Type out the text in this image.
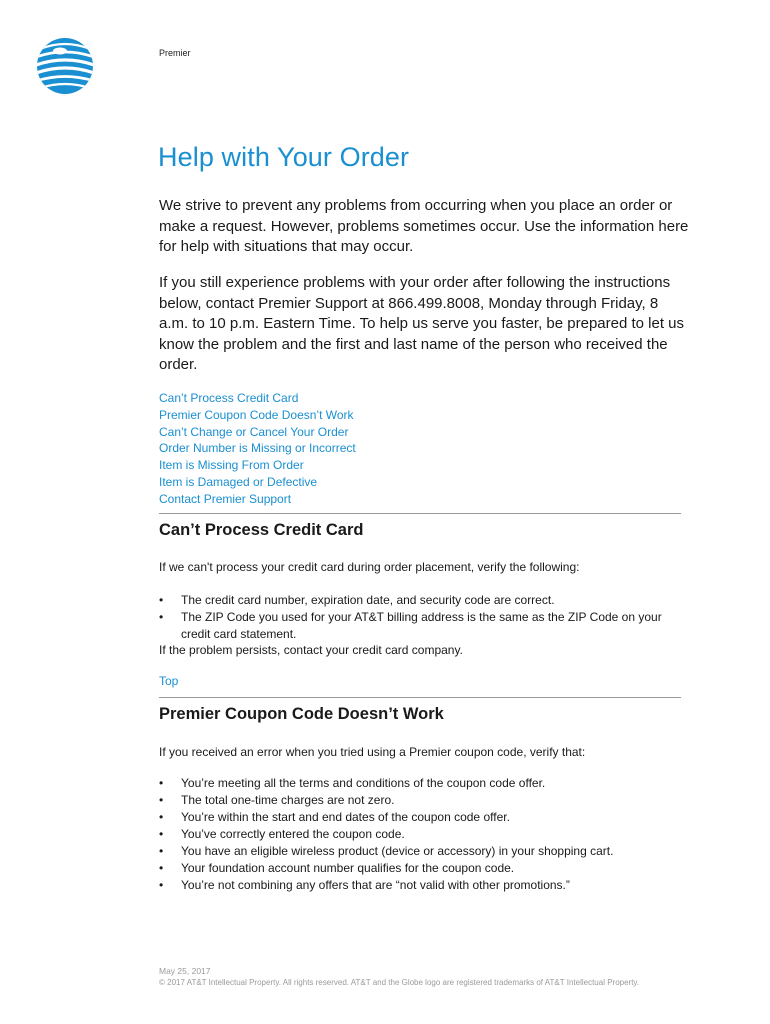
Premier
Help with Your Order

We strive to prevent any problems from occurring when you place an order or make a request. However, problems sometimes occur. Use the information here for help with situations that may occur.

If you still experience problems with your order after following the instructions below, contact Premier Support at 866.499.8008, Monday through Friday, 8 a.m. to 10 p.m. Eastern Time. To help us serve you faster, be prepared to let us know the problem and the first and last name of the person who received the order.

Can’t Process Credit Card
Premier Coupon Code Doesn’t Work
Can’t Change or Cancel Your Order
Order Number is Missing or Incorrect
Item is Missing From Order
Item is Damaged or Defective
Contact Premier Support
Can’t Process Credit Card

If we can't process your credit card during order placement, verify the following:

• The credit card number, expiration date, and security code are correct.
• The ZIP Code you used for your AT&T billing address is the same as the ZIP Code on your credit card statement.

If the problem persists, contact your credit card company.

Top
Premier Coupon Code Doesn’t Work

If you received an error when you tried using a Premier coupon code, verify that:

• You’re meeting all the terms and conditions of the coupon code offer.
• The total one-time charges are not zero.
• You’re within the start and end dates of the coupon code offer.
• You’ve correctly entered the coupon code.
• You have an eligible wireless product (device or accessory) in your shopping cart.
• Your foundation account number qualifies for the coupon code.
• You’re not combining any offers that are “not valid with other promotions.”
May 25, 2017
© 2017 AT&T Intellectual Property. All rights reserved. AT&T and the Globe logo are registered trademarks of AT&T Intellectual Property.
